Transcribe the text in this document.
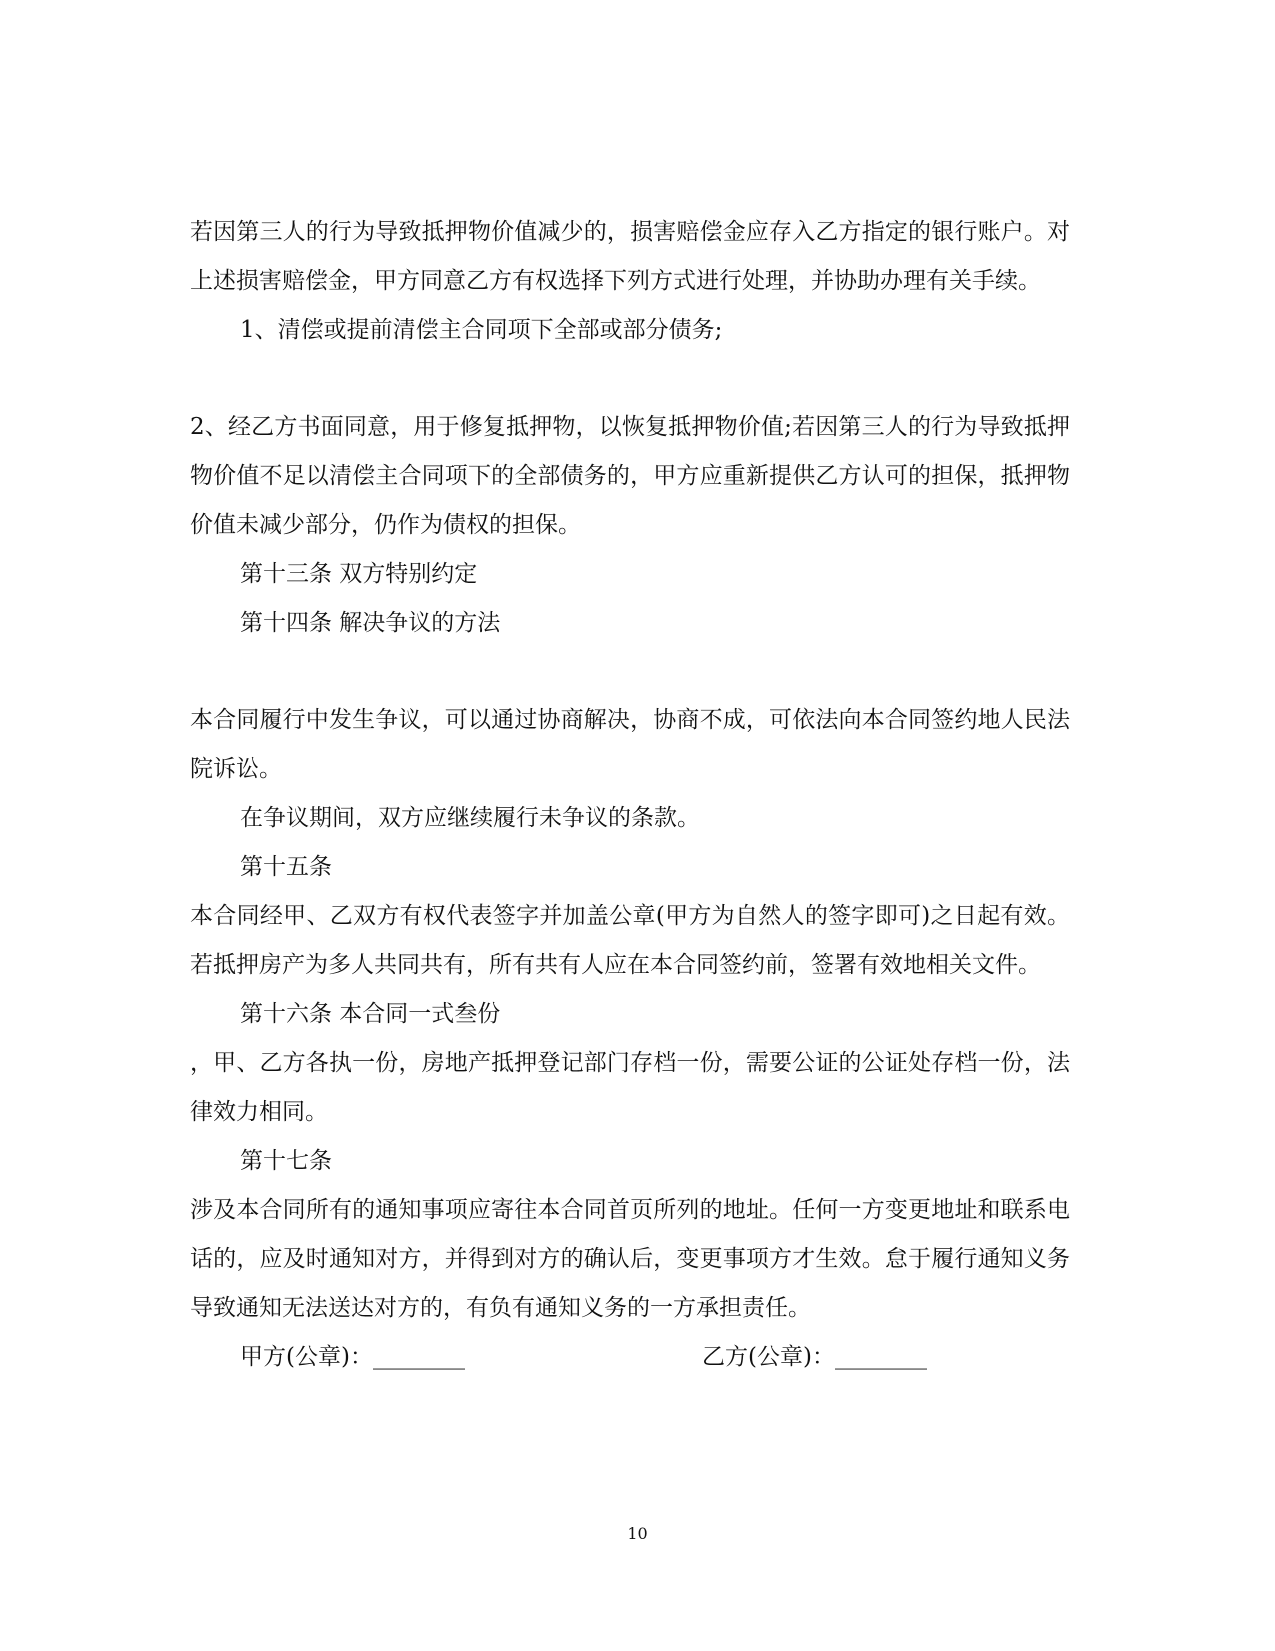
若因第三人的行为导致抵押物价值减少的，损害赔偿金应存入乙方指定的银行账户。对上述损害赔偿金，甲方同意乙方有权选择下列方式进行处理，并协助办理有关手续。

1、清偿或提前清偿主合同项下全部或部分债务;

2、经乙方书面同意，用于修复抵押物，以恢复抵押物价值;若因第三人的行为导致抵押物价值不足以清偿主合同项下的全部债务的，甲方应重新提供乙方认可的担保，抵押物价值未减少部分，仍作为债权的担保。

第十三条 双方特别约定

第十四条 解决争议的方法

本合同履行中发生争议，可以通过协商解决，协商不成，可依法向本合同签约地人民法院诉讼。

在争议期间，双方应继续履行未争议的条款。

第十五条

本合同经甲、乙双方有权代表签字并加盖公章(甲方为自然人的签字即可)之日起有效。若抵押房产为多人共同共有，所有共有人应在本合同签约前，签署有效地相关文件。

第十六条 本合同一式叁份

，甲、乙方各执一份，房地产抵押登记部门存档一份，需要公证的公证处存档一份，法律效力相同。

第十七条

涉及本合同所有的通知事项应寄往本合同首页所列的地址。任何一方变更地址和联系电话的，应及时通知对方，并得到对方的确认后，变更事项方才生效。怠于履行通知义务导致通知无法送达对方的，有负有通知义务的一方承担责任。

甲方(公章)：________	乙方(公章)：________
10
